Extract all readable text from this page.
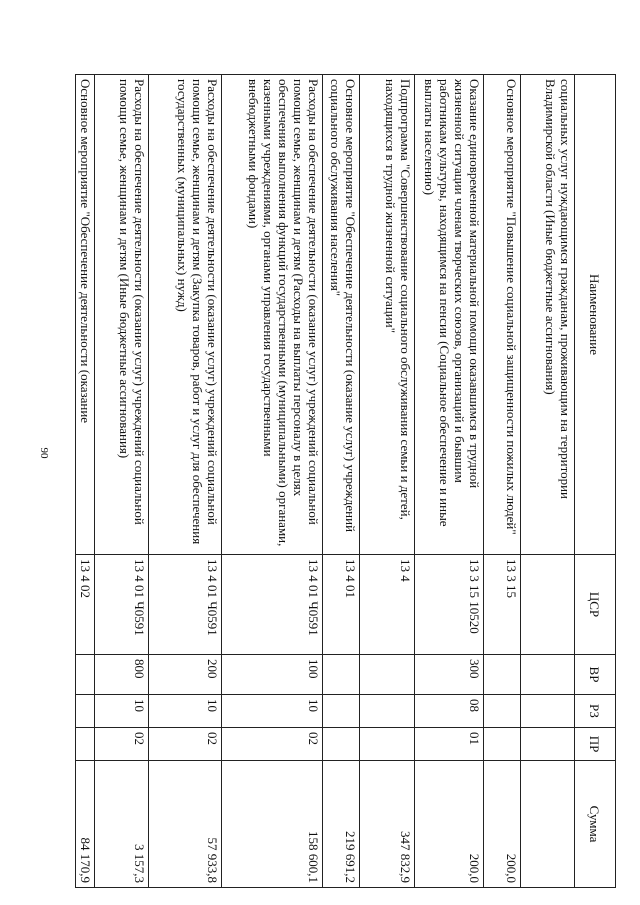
90
Наименование	ЦСР	ВР	РЗ	ПР	Сумма
социальных услуг нуждающимся гражданам, проживающим на территории Владимирской области (Иные бюджетные ассигнования)					
Основное мероприятие "Повышение социальной защищенности пожилых людей"	13 3 15				200,0
Оказание единовременной материальной помощи оказавшимся в трудной жизненной ситуации членам творческих союзов, организаций и бывшим работникам культуры, находящимся на пенсии (Социальное обеспечение и иные выплаты населению)	13 3 15 10520	300	08	01	200,0
Подпрограмма "Совершенствование социального обслуживания семьи и детей, находящихся в трудной жизненной ситуации"	13 4				347 832,9
Основное мероприятие "Обеспечение деятельности (оказание услуг) учреждений социального обслуживания населения"	13 4 01				219 691,2
Расходы на обеспечение деятельности (оказание услуг) учреждений социальной помощи семье, женщинам и детям (Расходы на выплаты персоналу в целях обеспечения выполнения функций государственными (муниципальными) органами, казенными учреждениями, органами управления государственными внебюджетными фондами)	13 4 01 Ч0591	100	10	02	158 600,1
Расходы на обеспечение деятельности (оказание услуг) учреждений социальной помощи семье, женщинам и детям (Закупка товаров, работ и услуг для обеспечения государственных (муниципальных) нужд)	13 4 01 Ч0591	200	10	02	57 933,8
Расходы на обеспечение деятельности (оказание услуг) учреждений социальной помощи семье, женщинам и детям (Иные бюджетные ассигнования)	13 4 01 Ч0591	800	10	02	3 157,3
Основное мероприятие "Обеспечение деятельности (оказание	13 4 02				84 170,9
